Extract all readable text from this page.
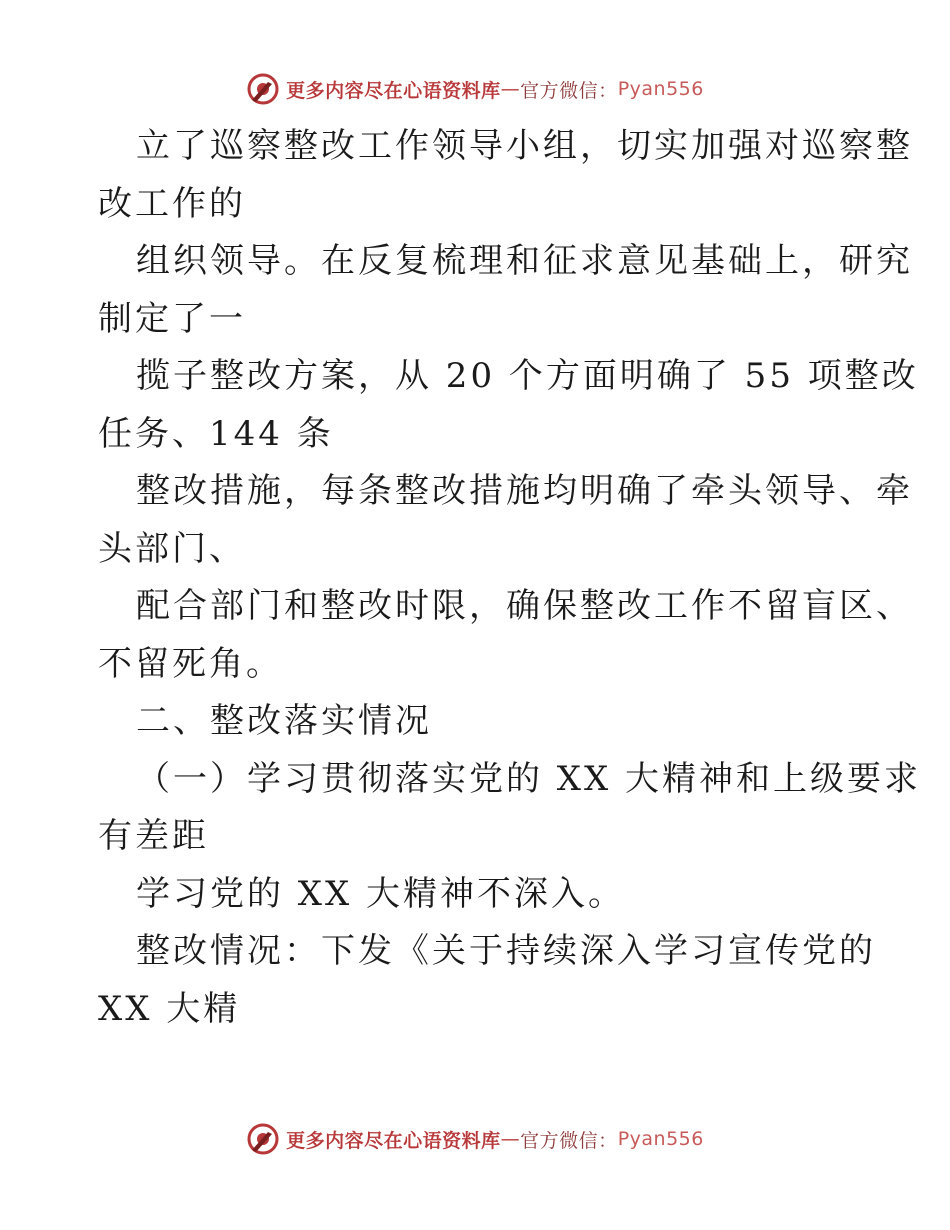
更多内容尽在心语资料库 — 官方微信： Pyan556
立了巡察整改工作领导小组，切实加强对巡察整
改工作的
组织领导。在反复梳理和征求意见基础上，研究
制定了一
揽子整改方案，从 20 个方面明确了 55 项整改
任务、144 条
整改措施，每条整改措施均明确了牵头领导、牵
头部门、
配合部门和整改时限，确保整改工作不留盲区、
不留死角。
二、整改落实情况
（一）学习贯彻落实党的 XX 大精神和上级要求
有差距
学习党的 XX 大精神不深入。
整改情况：下发《关于持续深入学习宣传党的
XX 大精
更多内容尽在心语资料库 — 官方微信： Pyan556
